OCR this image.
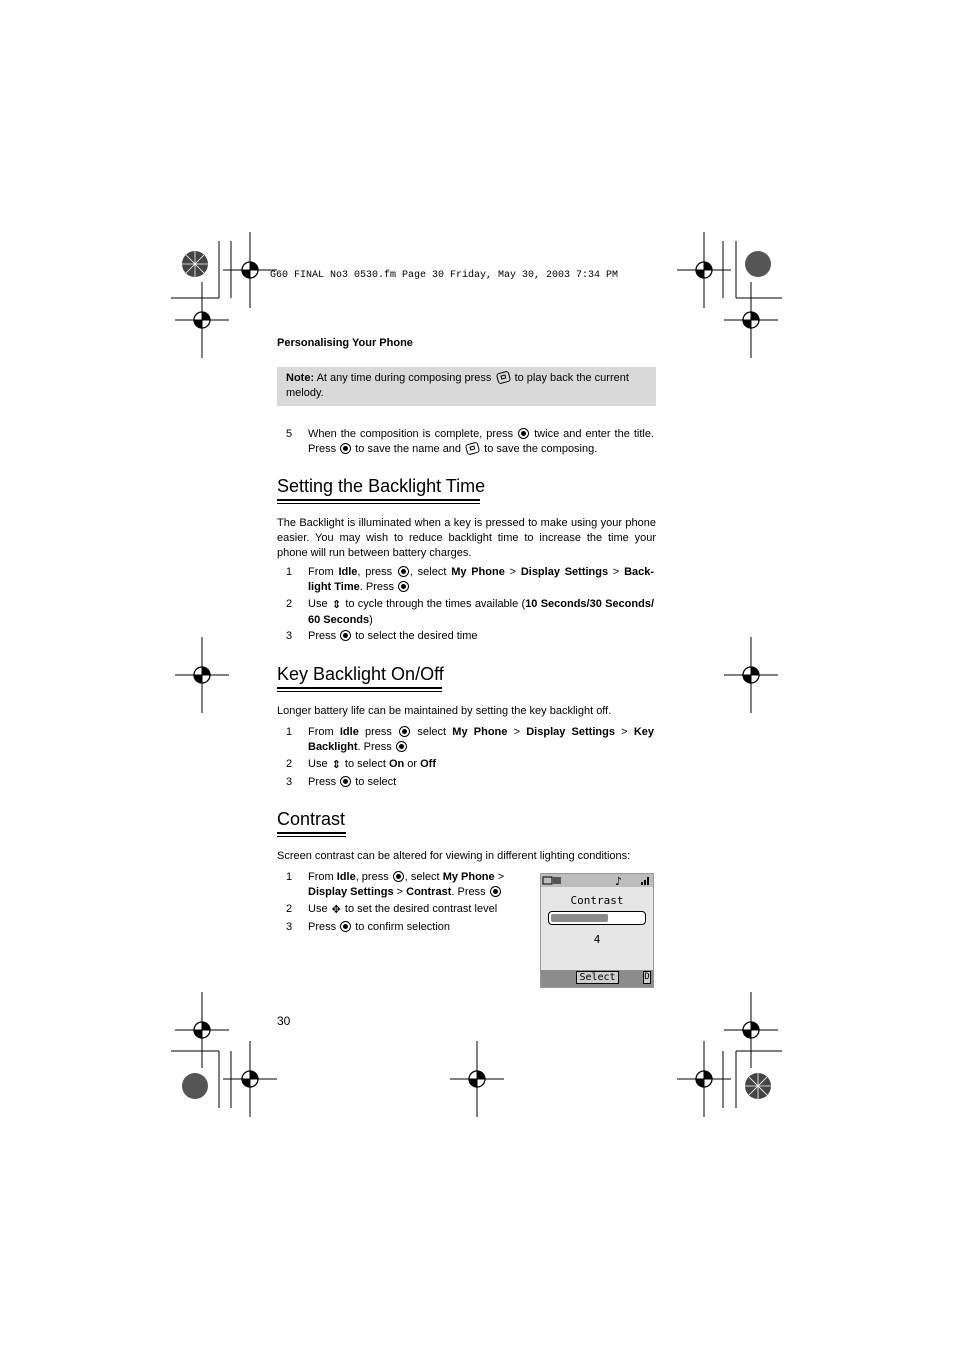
G60 FINAL No3 0530.fm Page 30 Friday, May 30, 2003 7:34 PM
Personalising Your Phone
Note: At any time during composing press to play back the current melody.
5	When the composition is complete, press twice and enter the title. Press to save the name and to save the composing.
Setting the Backlight Time
The Backlight is illuminated when a key is pressed to make using your phone easier. You may wish to reduce backlight time to increase the time your phone will run between battery charges.
1	From Idle, press , select My Phone > Display Settings > Back-light Time. Press
2	Use ⇕ to cycle through the times available (10 Seconds/30 Seconds/ 60 Seconds)
3	Press to select the desired time
Key Backlight On/Off
Longer battery life can be maintained by setting the key backlight off.
1	From Idle press select My Phone > Display Settings > Key Backlight. Press
2	Use ⇕ to select On or Off
3	Press to select
Contrast
Screen contrast can be altered for viewing in different lighting conditions:
1	From Idle, press , select My Phone > Display Settings > Contrast. Press
2	Use ✥ to set the desired contrast level
3	Press to confirm selection
♪
Contrast
4
Select	D
30
